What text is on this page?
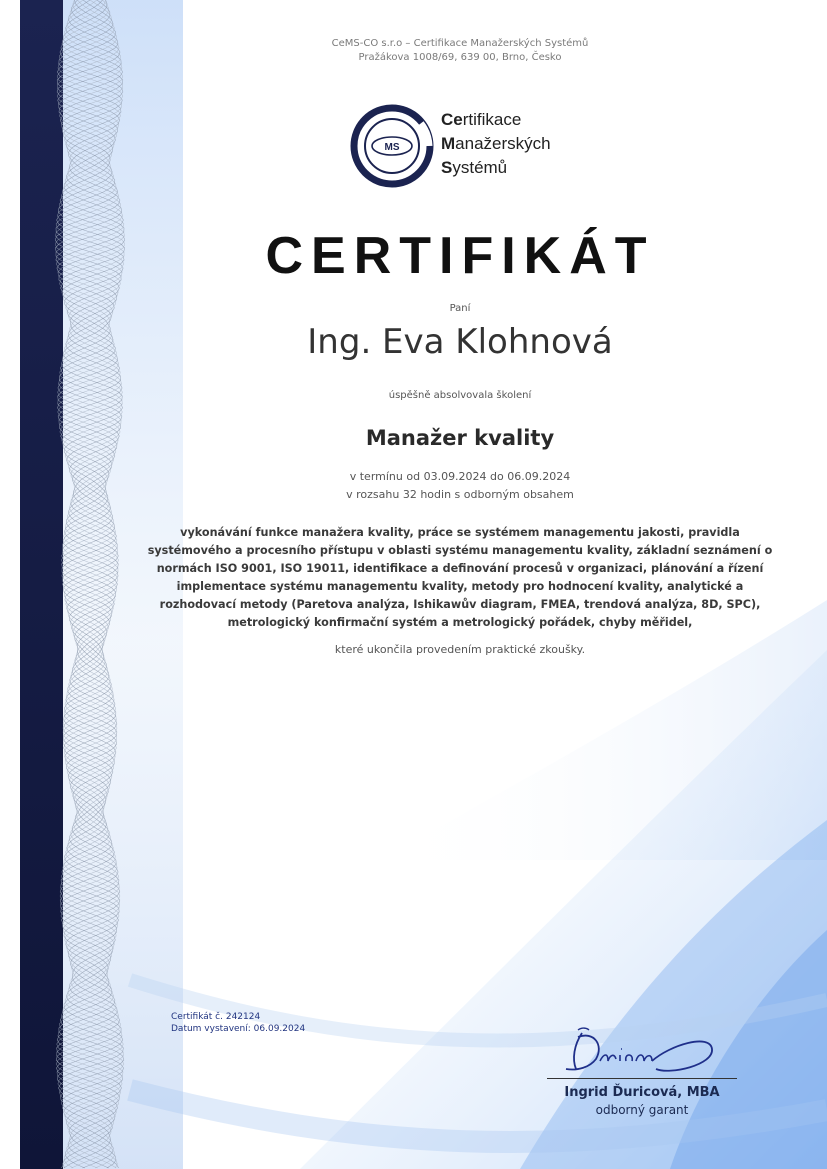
CeMS-CO s.r.o – Certifikace Manažerských Systémů
Pražákova 1008/69, 639 00, Brno, Česko
MS
Certifikace
Manažerských
Systémů
CERTIFIKÁT
Paní
Ing. Eva Klohnová
úspěšně absolvovala školení
Manažer kvality
v termínu od 03.09.2024 do 06.09.2024
v rozsahu 32 hodin s odborným obsahem
vykonávání funkce manažera kvality, práce se systémem managementu jakosti, pravidla systémového a procesního přístupu v oblasti systému managementu kvality, základní seznámení o normách ISO 9001, ISO 19011, identifikace a definování procesů v organizaci, plánování a řízení implementace systému managementu kvality, metody pro hodnocení kvality, analytické a rozhodovací metody (Paretova analýza, Ishikawův diagram, FMEA, trendová analýza, 8D, SPC), metrologický konfirmační systém a metrologický pořádek, chyby měřidel,
které ukončila provedením praktické zkoušky.
Certifikát č. 242124
Datum vystavení: 06.09.2024
Ingrid Ďuricová, MBA
odborný garant
